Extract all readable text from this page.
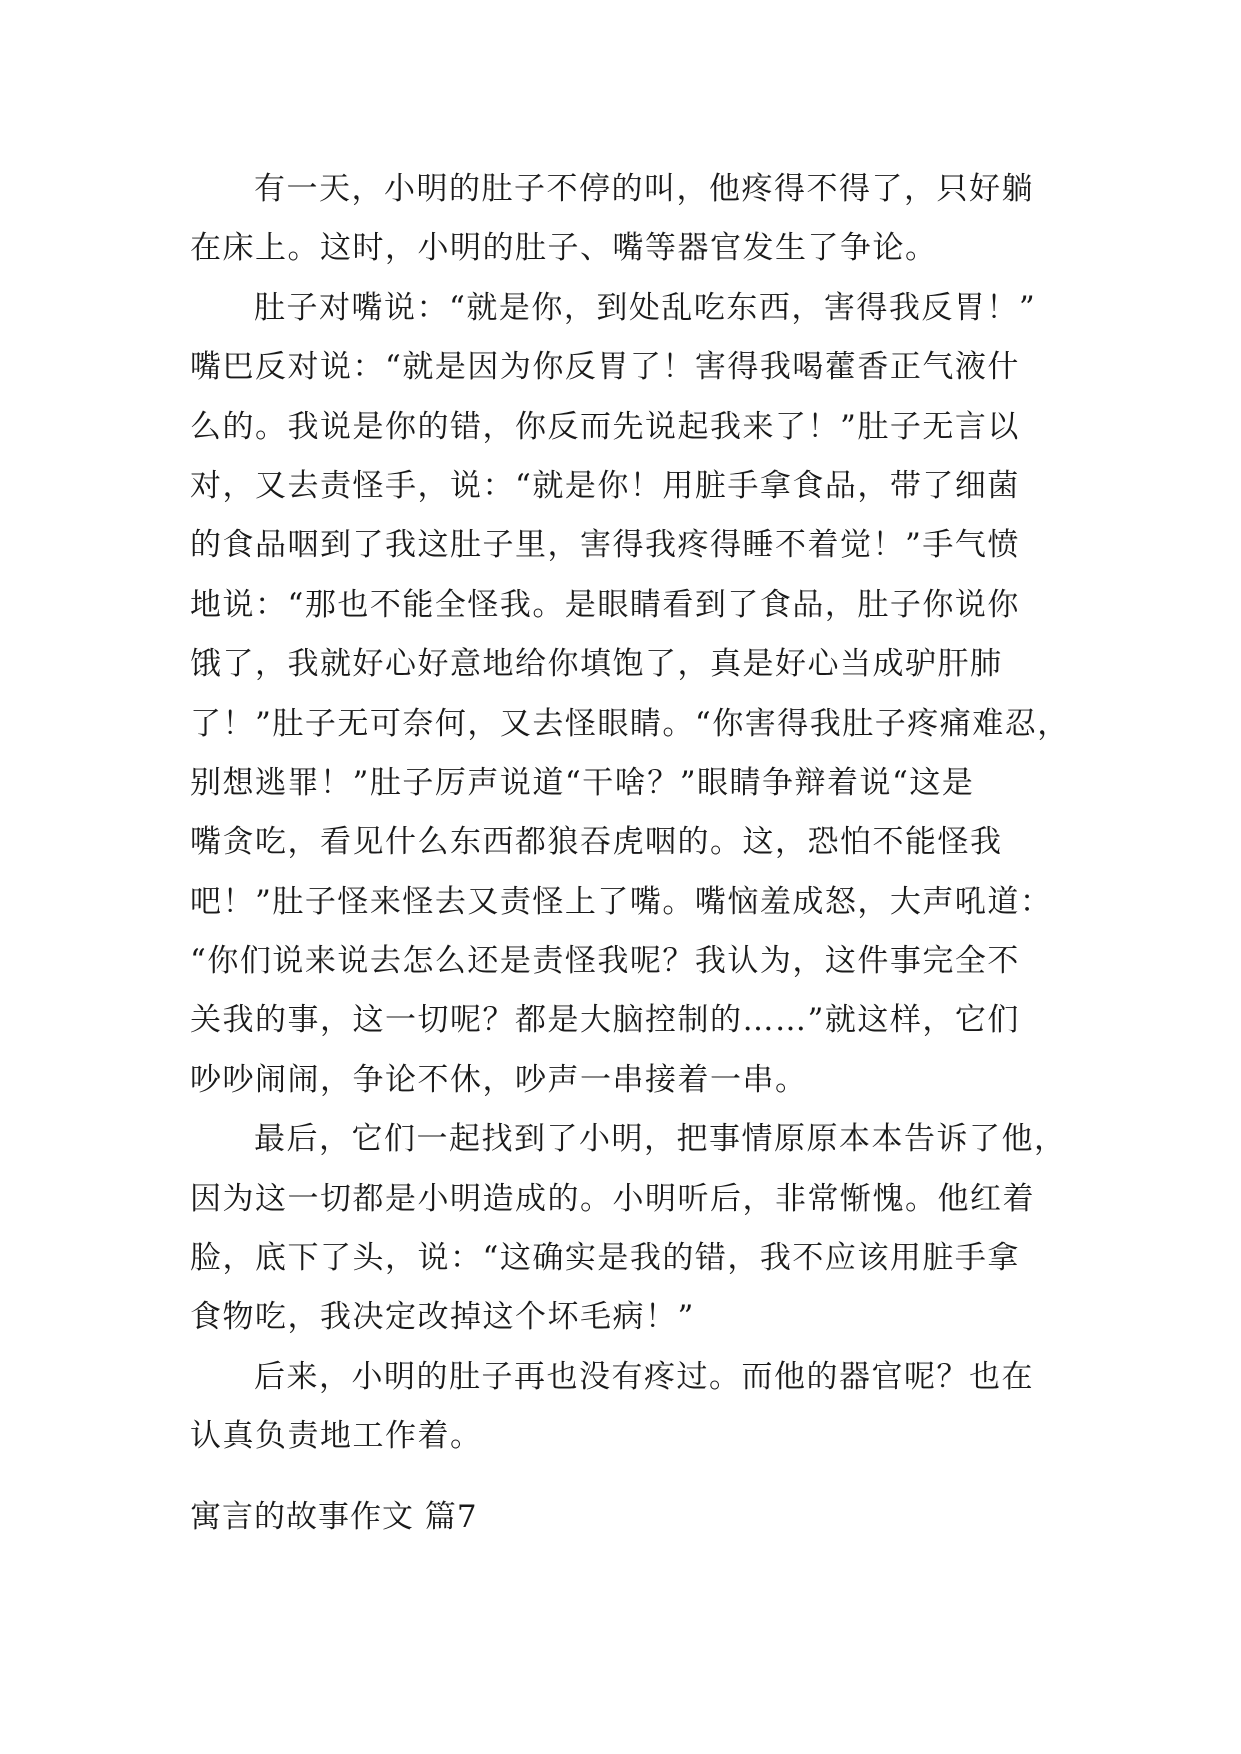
有一天，小明的肚子不停的叫，他疼得不得了，只好躺
在床上。这时，小明的肚子、嘴等器官发生了争论。
肚子对嘴说：“就是你，到处乱吃东西，害得我反胃！”
嘴巴反对说：“就是因为你反胃了！害得我喝藿香正气液什
么的。我说是你的错，你反而先说起我来了！”肚子无言以
对，又去责怪手，说：“就是你！用脏手拿食品，带了细菌
的食品咽到了我这肚子里，害得我疼得睡不着觉！”手气愤
地说：“那也不能全怪我。是眼睛看到了食品，肚子你说你
饿了，我就好心好意地给你填饱了，真是好心当成驴肝肺
了！”肚子无可奈何，又去怪眼睛。“你害得我肚子疼痛难忍，
别想逃罪！”肚子厉声说道“干啥？”眼睛争辩着说“这是
嘴贪吃，看见什么东西都狼吞虎咽的。这，恐怕不能怪我
吧！”肚子怪来怪去又责怪上了嘴。嘴恼羞成怒，大声吼道：
“你们说来说去怎么还是责怪我呢？我认为，这件事完全不
关我的事，这一切呢？都是大脑控制的……”就这样，它们
吵吵闹闹，争论不休，吵声一串接着一串。
最后，它们一起找到了小明，把事情原原本本告诉了他，
因为这一切都是小明造成的。小明听后，非常惭愧。他红着
脸，底下了头，说：“这确实是我的错，我不应该用脏手拿
食物吃，我决定改掉这个坏毛病！”
后来，小明的肚子再也没有疼过。而他的器官呢？也在
认真负责地工作着。
寓言的故事作文 篇7
